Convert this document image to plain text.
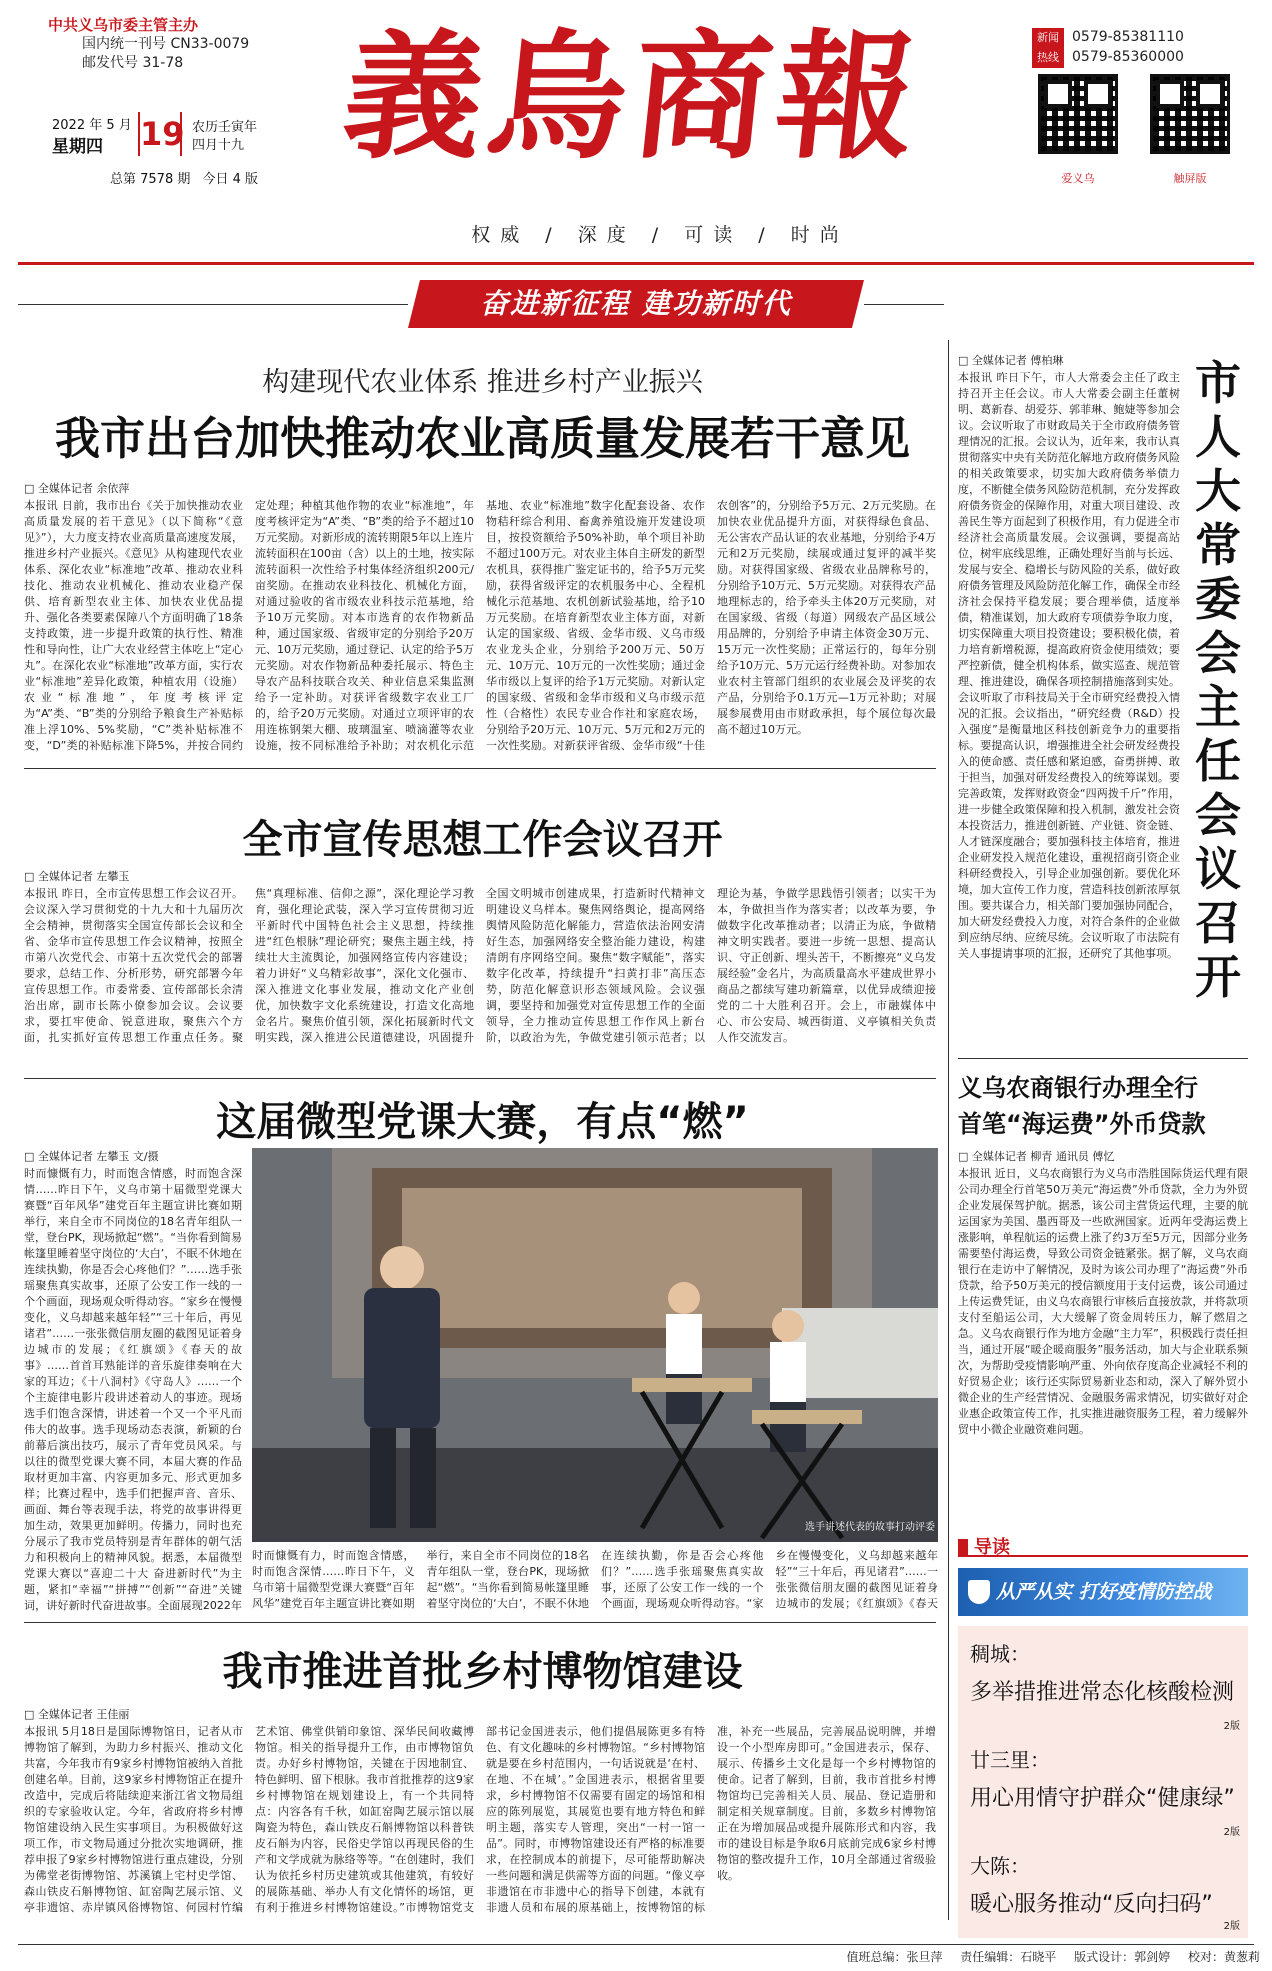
中共义乌市委主管主办
国内统一刊号 CN33-0079
邮发代号 31-78
2022 年 5 月
星期四 19 农历壬寅年
四月十九
总第 7578 期 今日 4 版
義烏商報
权威 / 深度 / 可读 / 时尚
新闻热线
0579-85381110
0579-85360000
爱义乌	触屏版
奋进新征程 建功新时代
构建现代农业体系 推进乡村产业振兴
我市出台加快推动农业高质量发展若干意见
□ 全媒体记者 余依萍
本报讯 日前，我市出台《关于加快推动农业高质量发展的若干意见》（以下简称“《意见》”），大力度支持农业高质量高速度发展，推进乡村产业振兴。《意见》从构建现代农业体系、深化农业“标准地”改革、推动农业科技化、推动农业机械化、推动农业稳产保供、培育新型农业主体、加快农业优品提升、强化各类要素保障八个方面明确了18条支持政策，进一步提升政策的执行性、精准性和导向性，让广大农业经营主体吃上“定心丸”。在深化农业“标准地”改革方面，实行农业“标准地”差异化政策，种植农用（设施）农业“标准地”，年度考核评定为“A”类、“B”类的分别给予粮食生产补贴标准上浮10%、5%奖励，“C”类补贴标准不变，“D”类的补贴标准下降5%，并按合同约定处理；种植其他作物的农业“标准地”，年度考核评定为“A”类、“B”类的给予不超过10万元奖励。对新形成的流转期限5年以上连片流转面积在100亩（含）以上的土地，按实际流转面积一次性给予村集体经济组织200元/亩奖励。在推动农业科技化、机械化方面，对通过验收的省市级农业科技示范基地，给予10万元奖励。对本市选育的农作物新品种，通过国家级、省级审定的分别给予20万元、10万元奖励，通过登记、认定的给予5万元奖励。对农作物新品种委托展示、特色主导农产品科技联合攻关、种业信息采集监测给予一定补助。对获评省级数字农业工厂的，给予20万元奖励。对通过立项评审的农用连栋钢架大棚、玻璃温室、喷滴灌等农业设施，按不同标准给予补助；对农机化示范基地、农业“标准地”数字化配套设备、农作物秸秆综合利用、畜禽养殖设施开发建设项目，按投资额给予50%补助，单个项目补助不超过100万元。对农业主体自主研发的新型农机具，获得推广鉴定证书的，给予5万元奖励，获得省级评定的农机服务中心、全程机械化示范基地、农机创新试验基地，给予10万元奖励。在培育新型农业主体方面，对新认定的国家级、省级、金华市级、义乌市级农业龙头企业，分别给予200万元、50万元、10万元、10万元的一次性奖励；通过金华市级以上复评的给予1万元奖励。对新认定的国家级、省级和金华市级和义乌市级示范性（合格性）农民专业合作社和家庭农场，分别给予20万元、10万元、5万元和2万元的一次性奖励。对新获评省级、金华市级“十佳农创客”的，分别给予5万元、2万元奖励。在加快农业优品提升方面，对获得绿色食品、无公害农产品认证的农业基地，分别给予4万元和2万元奖励，续展或通过复评的减半奖励。对获得国家级、省级农业品牌称号的，分别给予10万元、5万元奖励。对获得农产品地理标志的，给予牵头主体20万元奖励，对在国家级、省级（每道）网级农产品区域公用品牌的，分别给予申请主体资金30万元、15万元一次性奖励；正常运行的，每年分别给予10万元、5万元运行经费补助。对参加农业农村主管部门组织的农业展会及评奖的农产品，分别给予0.1万元—1万元补助；对展展参展费用由市财政承担，每个展位每次最高不超过10万元。
全市宣传思想工作会议召开
□ 全媒体记者 左攀玉
本报讯 昨日，全市宣传思想工作会议召开。会议深入学习贯彻党的十九大和十九届历次全会精神，贯彻落实全国宣传部长会议和全省、金华市宣传思想工作会议精神，按照全市第八次党代会、市第十五次党代会的部署要求，总结工作、分析形势，研究部署今年宣传思想工作。市委常委、宣传部部长余清治出席，副市长陈小僚参加会议。会议要求，要扛牢使命、锐意进取，聚焦六个方面，扎实抓好宣传思想工作重点任务。聚焦“真理标准、信仰之源”，深化理论学习教育，强化理论武装，深入学习宣传贯彻习近平新时代中国特色社会主义思想，持续推进“红色根脉”理论研究；聚焦主题主线，持续壮大主流舆论，加强网络宣传内容建设；着力讲好“义乌精彩故事”，深化文化强市、深入推进文化事业发展，推动文化产业创优，加快数字文化系统建设，打造文化高地金名片。聚焦价值引领，深化拓展新时代文明实践，深入推进公民道德建设，巩固提升全国文明城市创建成果，打造新时代精神文明建设义乌样本。聚焦网络舆论，提高网络舆情风险防范化解能力，营造依法治网安清好生态，加强网络安全整治能力建设，构建清朗有序网络空间。聚焦“数字赋能”，落实数字化改革，持续提升“扫黄打非”高压态势，防范化解意识形态领域风险。会议强调，要坚持和加强党对宣传思想工作的全面领导，全力推动宣传思想工作作风上新台阶，以政治为先，争做党建引领示范者；以理论为基，争做学思践悟引领者；以实干为本，争做担当作为落实者；以改革为要，争做数字化改革推动者；以清正为底，争做精神文明实践者。要进一步统一思想、提高认识、守正创新、埋头苦干，不断擦亮“义乌发展经验”金名片，为高质量高水平建成世界小商品之都续写建功新篇章，以优异成绩迎接党的二十大胜利召开。会上，市融媒体中心、市公安局、城西街道、义亭镇相关负责人作交流发言。
这届微型党课大赛，有点“燃”
□ 全媒体记者 左攀玉 文/摄
时而慷慨有力，时而饱含情感，时而饱含深情……昨日下午，义乌市第十届微型党课大赛暨“百年风华”建党百年主题宣讲比赛如期举行，来自全市不同岗位的18名青年组队一堂，登台PK，现场掀起“燃”。“当你看到简易帐篷里睡着坚守岗位的‘大白’，不眠不休地在连续执勤，你是否会心疼他们？”……选手张瑶聚焦真实故事，还原了公安工作一线的一个个画面，现场观众听得动容。“家乡在慢慢变化，义乌却越来越年轻”“三十年后，再见诸君”……一张张微信朋友圈的截图见证着身边城市的发展；《红旗颂》《春天的故事》……首首耳熟能详的音乐旋律奏响在大家的耳边；《十八洞村》《守岛人》……一个个主旋律电影片段讲述着动人的事迹。现场选手们饱含深情，讲述着一个又一个平凡而伟大的故事。选手现场动态表演，新颖的台前幕后演出技巧，展示了青年党员风采。与以往的微型党课大赛不同，本届大赛的作品取材更加丰富、内容更加多元、形式更加多样；比赛过程中，选手们把握声音、音乐、画面、舞台等表现手法，将党的故事讲得更加生动，效果更加鲜明。传播力，同时也充分展示了我市党员特别是青年群体的朝气活力和积极向上的精神风貌。据悉，本届微型党课大赛以“喜迎二十大 奋进新时代”为主题，紧扣“幸福”“拼搏”“创新”“奋进”关键词，讲好新时代奋进故事。全面展现2022年
时而慷慨有力，时而饱含情感，时而饱含深情……昨日下午，义乌市第十届微型党课大赛暨“百年风华”建党百年主题宣讲比赛如期举行，来自全市不同岗位的18名青年组队一堂，登台PK，现场掀起“燃”。“当你看到简易帐篷里睡着坚守岗位的‘大白’，不眠不休地在连续执勤，你是否会心疼他们？”……选手张瑶聚焦真实故事，还原了公安工作一线的一个个画面，现场观众听得动容。“家乡在慢慢变化，义乌却越来越年轻”“三十年后，再见诸君”……一张张微信朋友圈的截图见证着身边城市的发展；《红旗颂》《春天
选手讲述代表的故事打动评委
我市推进首批乡村博物馆建设
□ 全媒体记者 王佳丽
本报讯 5月18日是国际博物馆日，记者从市博物馆了解到，为助力乡村振兴、推动文化共富，今年我市有9家乡村博物馆被纳入首批创建名单。目前，这9家乡村博物馆正在提升改造中，完成后将陆续迎来浙江省文物局组织的专家验收认定。今年，省政府将乡村博物馆建设纳入民生实事项目。为积极做好这项工作，市文物局通过分批次实地调研，推荐申报了9家乡村博物馆进行重点建设，分别为佛堂老街博物馆、苏溪镇上宅村史学馆、森山铁皮石斛博物馆、缸窑陶艺展示馆、义亭非遗馆、赤岸镇风俗博物馆、何园村竹编艺术馆、佛堂供销印象馆、深华民间收藏博物馆。相关的指导提升工作，由市博物馆负责。办好乡村博物馆，关键在于因地制宜、特色鲜明、留下根脉。我市首批推荐的这9家乡村博物馆在规划建设上，有一个共同特点：内容各有千秋，如缸窑陶艺展示馆以展陶瓷为特色，森山铁皮石斛博物馆以科普铁皮石斛为内容，民俗史学馆以再现民俗的生产和文学成就为脉络等等。“在创建时，我们认为依托乡村历史建筑或其他建筑，有较好的展陈基础、举办人有文化情怀的场馆，更有利于推进乡村博物馆建设。”市博物馆党支部书记金国进表示，他们提倡展陈更多有特色、有文化趣味的乡村博物馆。“乡村博物馆就是要在乡村范围内，一句话说就是‘在村、在地、不在城’。”金国进表示，根据省里要求，乡村博物馆不仅需要有固定的场馆和相应的陈列展览，其展览也要有地方特色和鲜明主题，落实专人管理，突出“一村一馆一品”。同时，市博物馆建设还有严格的标准要求，在控制成本的前提下，尽可能帮助解决一些问题和满足供需等方面的问题。“像义亭非遗馆在市非遗中心的指导下创建，本就有非遗人员和布展的原基础上，按博物馆的标准，补充一些展品，完善展品说明牌，并增设一个小型库房即可。”金国进表示，保存、展示、传播乡土文化是每一个乡村博物馆的使命。记者了解到，目前，我市首批乡村博物馆均已完善相关人员、展品、登记造册和制定相关规章制度。目前，多数乡村博物馆正在为增加展品或提升展陈形式和内容，我市的建设目标是争取6月底前完成6家乡村博物馆的整改提升工作，10月全部通过省级验收。
□ 全媒体记者 傅柏琳
本报讯 昨日下午，市人大常委会主任了政主持召开主任会议。市人大常委会副主任董树明、葛新春、胡爱芬、郭菲琳、鲍婕等参加会议。会议听取了市财政局关于全市政府债务管理情况的汇报。会议认为，近年来，我市认真贯彻落实中央有关防范化解地方政府债务风险的相关政策要求，切实加大政府债务举债力度，不断健全债务风险防范机制，充分发挥政府债务资金的保障作用，对重大项目建设、改善民生等方面起到了积极作用，有力促进全市经济社会高质量发展。会议强调，要提高站位，树牢底线思维，正确处理好当前与长远、发展与安全、稳增长与防风险的关系，做好政府债务管理及风险防范化解工作，确保全市经济社会保持平稳发展；要合理举债，适度举债，精准谋划，加大政府专项债券争取力度，切实保障重大项目投资建设；要积极化债，着力培育新增税源，提高政府资金使用绩效；要严控新债，健全机构体系，做实巡查、规范管理、推进建设，确保各项控制措施落到实处。会议听取了市科技局关于全市研究经费投入情况的汇报。会议指出，“研究经费（R&D）投入强度”是衡量地区科技创新竞争力的重要指标。要提高认识，增强推进全社会研发经费投入的使命感、责任感和紧迫感，奋勇拼搏、敢于担当，加强对研发经费投入的统筹谋划。要完善政策，发挥财政资金“四两拨千斤”作用，进一步健全政策保障和投入机制，激发社会资本投资活力，推进创新链、产业链、资金链、人才链深度融合；要加强科技主体培育，推进企业研发投入规范化建设，重视招商引资企业科研经费投入，引导企业加强创新。要优化环境，加大宣传工作力度，营造科技创新浓厚氛围。要共谋合力，相关部门要加强协同配合，加大研发经费投入力度，对符合条件的企业做到应纳尽纳、应统尽统。会议听取了市法院有关人事提请事项的汇报，还研究了其他事项。
市人大常委会主任会议召开
义乌农商银行办理全行
首笔“海运费”外币贷款
□ 全媒体记者 柳青 通讯员 傅忆
本报讯 近日，义乌农商银行为义乌市浩胜国际货运代理有限公司办理全行首笔50万美元“海运费”外币贷款，全力为外贸企业发展保驾护航。据悉，该公司主营货运代理，主要的航运国家为美国、墨西哥及一些欧洲国家。近两年受海运费上涨影响，单程航运的运费上涨了约3万至5万元，因部分业务需要垫付海运费，导致公司资金链紧张。据了解，义乌农商银行在走访中了解情况，及时为该公司办理了“海运费”外币贷款，给予50万美元的授信额度用于支付运费，该公司通过上传运费凭证，由义乌农商银行审核后直接放款，并将款项支付至船运公司，大大缓解了资金周转压力，解了燃眉之急。义乌农商银行作为地方金融“主力军”，积极践行责任担当，通过开展“暖企暖商服务”服务活动，加大与企业联系频次，为帮助受疫情影响严重、外向依存度高企业减轻不利的好贸易企业；该行还实际贸易新业态和动，深入了解外贸小微企业的生产经营情况、金融服务需求情况，切实做好对企业惠企政策宣传工作，扎实推进融资服务工程，着力缓解外贸中小微企业融资难问题。
导读
从严从实 打好疫情防控战
稠城：
多举措推进常态化核酸检测
2版
廿三里：
用心用情守护群众“健康绿”
2版
大陈：
暖心服务推动“反向扫码”
2版
值班总编：张旦萍 责任编辑：石晓平 版式设计：郭剑婷 校对：黄葱莉
